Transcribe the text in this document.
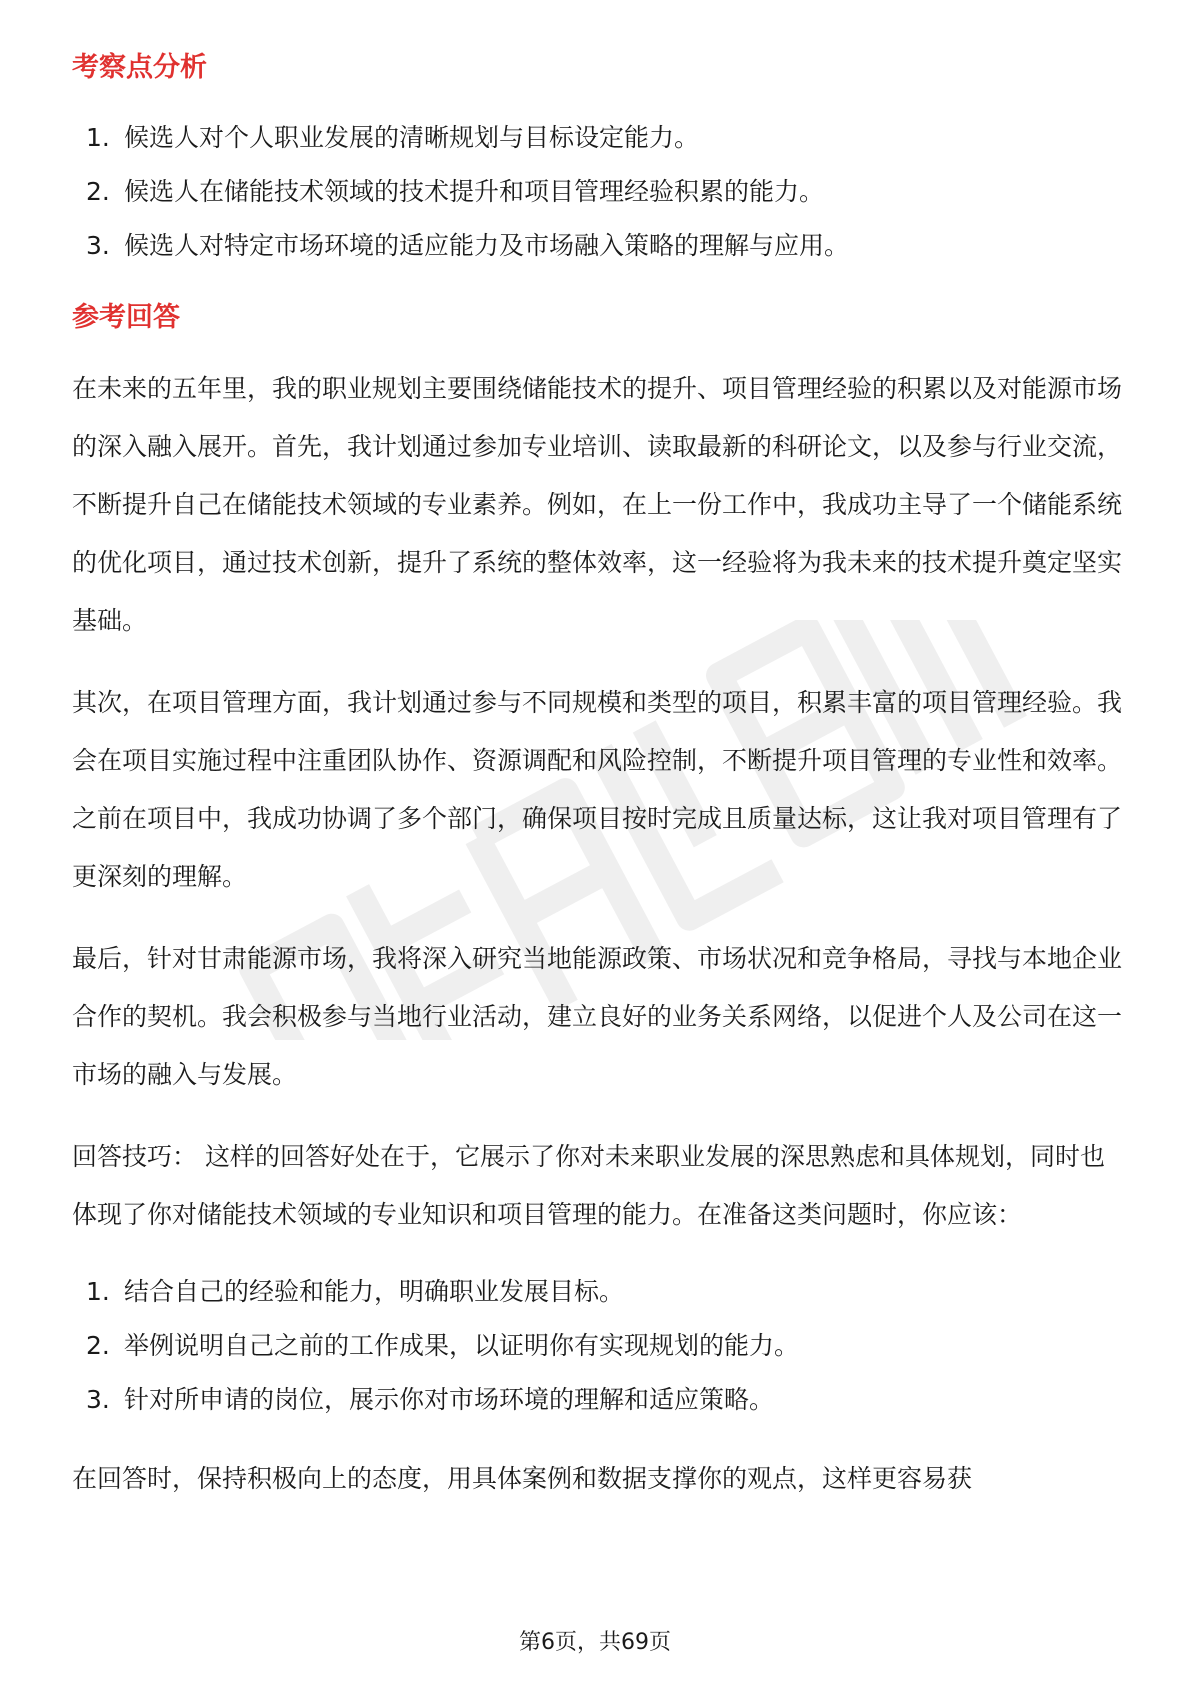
考察点分析
1. 候选人对个人职业发展的清晰规划与目标设定能力。
2. 候选人在储能技术领域的技术提升和项目管理经验积累的能力。
3. 候选人对特定市场环境的适应能力及市场融入策略的理解与应用。
参考回答

在未来的五年里，我的职业规划主要围绕储能技术的提升、项目管理经验的积累以及对能源市场的深入融入展开。首先，我计划通过参加专业培训、读取最新的科研论文，以及参与行业交流，不断提升自己在储能技术领域的专业素养。例如，在上一份工作中，我成功主导了一个储能系统的优化项目，通过技术创新，提升了系统的整体效率，这一经验将为我未来的技术提升奠定坚实基础。

其次，在项目管理方面，我计划通过参与不同规模和类型的项目，积累丰富的项目管理经验。我会在项目实施过程中注重团队协作、资源调配和风险控制，不断提升项目管理的专业性和效率。之前在项目中，我成功协调了多个部门，确保项目按时完成且质量达标，这让我对项目管理有了更深刻的理解。

最后，针对甘肃能源市场，我将深入研究当地能源政策、市场状况和竞争格局，寻找与本地企业合作的契机。我会积极参与当地行业活动，建立良好的业务关系网络，以促进个人及公司在这一市场的融入与发展。

回答技巧： 这样的回答好处在于，它展示了你对未来职业发展的深思熟虑和具体规划，同时也体现了你对储能技术领域的专业知识和项目管理的能力。在准备这类问题时，你应该：

1. 结合自己的经验和能力，明确职业发展目标。
2. 举例说明自己之前的工作成果，以证明你有实现规划的能力。
3. 针对所申请的岗位，展示你对市场环境的理解和适应策略。

在回答时，保持积极向上的态度，用具体案例和数据支撑你的观点，这样更容易获

第6页，共69页
